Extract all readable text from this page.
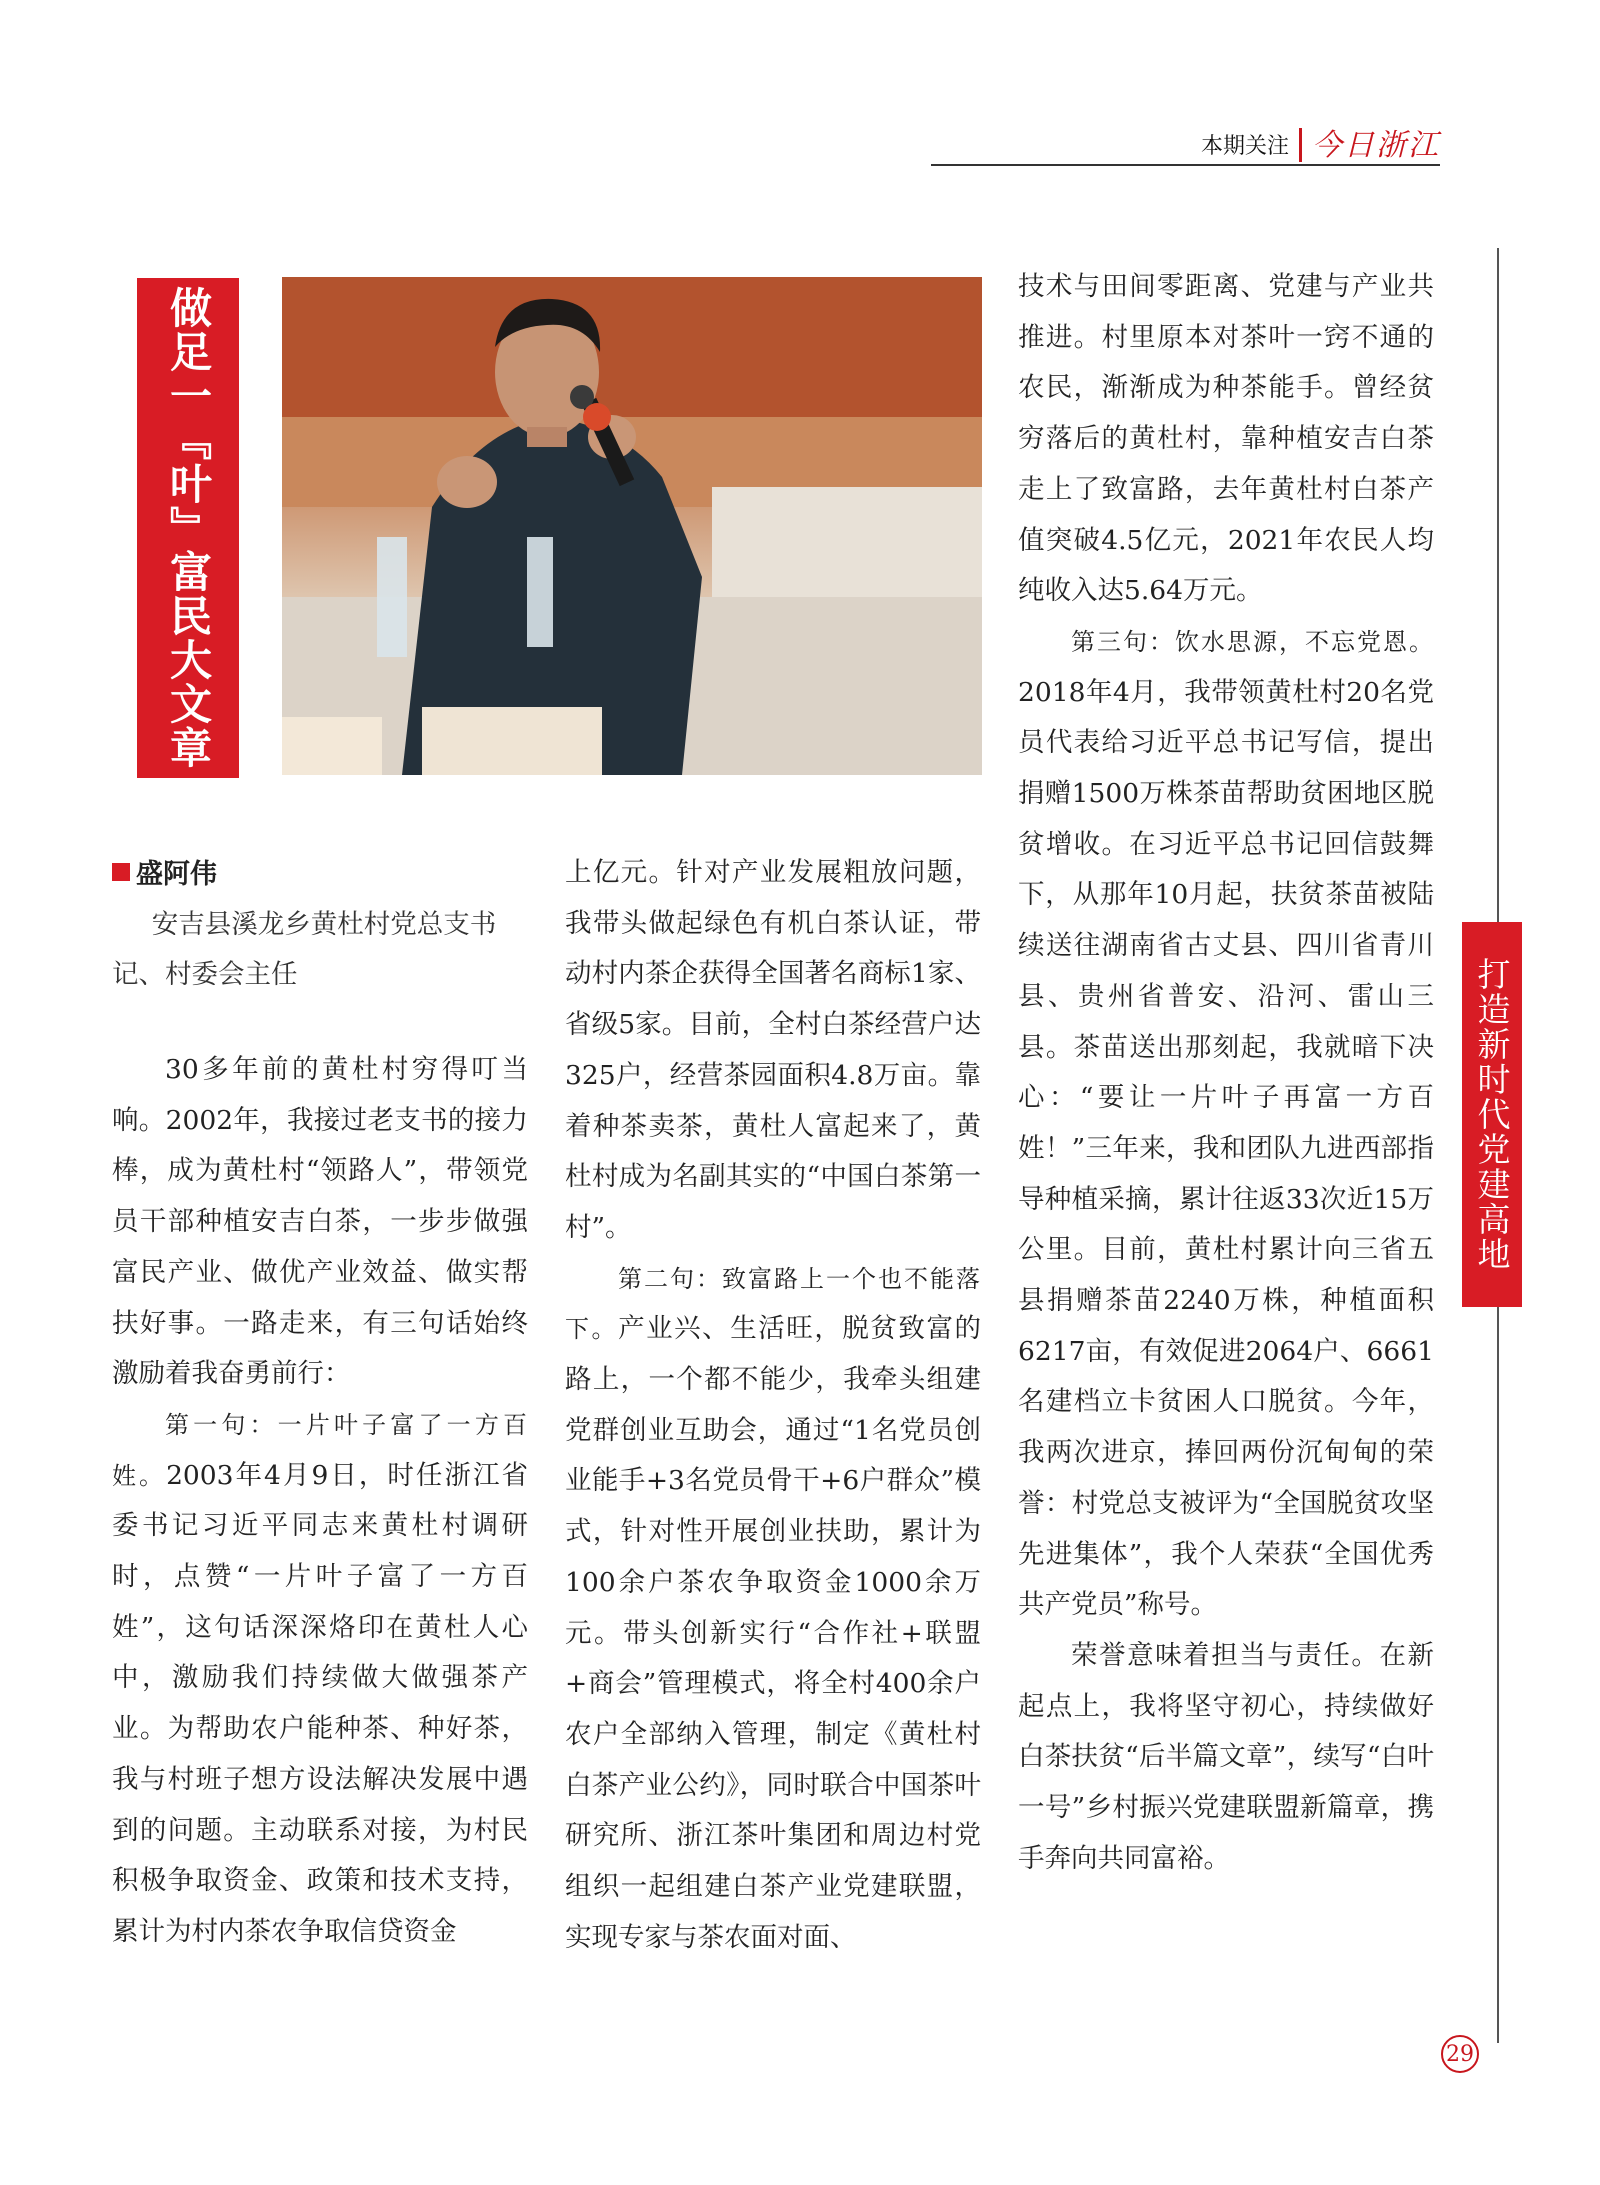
本期关注 今日浙江
做足一『叶』富民大文章
打造新时代党建高地
盛阿伟
安吉县溪龙乡黄杜村党总支书记、村委会主任

30多年前的黄杜村穷得叮当响。2002年，我接过老支书的接力棒，成为黄杜村“领路人”，带领党员干部种植安吉白茶，一步步做强富民产业、做优产业效益、做实帮扶好事。一路走来，有三句话始终激励着我奋勇前行：

第一句：一片叶子富了一方百姓。2003年4月9日，时任浙江省委书记习近平同志来黄杜村调研时，点赞“一片叶子富了一方百姓”，这句话深深烙印在黄杜人心中，激励我们持续做大做强茶产业。为帮助农户能种茶、种好茶，我与村班子想方设法解决发展中遇到的问题。主动联系对接，为村民积极争取资金、政策和技术支持，累计为村内茶农争取信贷资金

上亿元。针对产业发展粗放问题，我带头做起绿色有机白茶认证，带动村内茶企获得全国著名商标1家、省级5家。目前，全村白茶经营户达325户，经营茶园面积4.8万亩。靠着种茶卖茶，黄杜人富起来了，黄杜村成为名副其实的“中国白茶第一村”。

第二句：致富路上一个也不能落下。产业兴、生活旺，脱贫致富的路上，一个都不能少，我牵头组建党群创业互助会，通过“1名党员创业能手+3名党员骨干+6户群众”模式，针对性开展创业扶助，累计为100余户茶农争取资金1000余万元。带头创新实行“合作社+联盟+商会”管理模式，将全村400余户农户全部纳入管理，制定《黄杜村白茶产业公约》，同时联合中国茶叶研究所、浙江茶叶集团和周边村党组织一起组建白茶产业党建联盟，实现专家与茶农面对面、

技术与田间零距离、党建与产业共推进。村里原本对茶叶一窍不通的农民，渐渐成为种茶能手。曾经贫穷落后的黄杜村，靠种植安吉白茶走上了致富路，去年黄杜村白茶产值突破4.5亿元，2021年农民人均纯收入达5.64万元。

第三句：饮水思源，不忘党恩。2018年4月，我带领黄杜村20名党员代表给习近平总书记写信，提出捐赠1500万株茶苗帮助贫困地区脱贫增收。在习近平总书记回信鼓舞下，从那年10月起，扶贫茶苗被陆续送往湖南省古丈县、四川省青川县、贵州省普安、沿河、雷山三县。茶苗送出那刻起，我就暗下决心：“要让一片叶子再富一方百姓！”三年来，我和团队九进西部指导种植采摘，累计往返33次近15万公里。目前，黄杜村累计向三省五县捐赠茶苗2240万株，种植面积6217亩，有效促进2064户、6661名建档立卡贫困人口脱贫。今年，我两次进京，捧回两份沉甸甸的荣誉：村党总支被评为“全国脱贫攻坚先进集体”，我个人荣获“全国优秀共产党员”称号。

荣誉意味着担当与责任。在新起点上，我将坚守初心，持续做好白茶扶贫“后半篇文章”，续写“白叶一号”乡村振兴党建联盟新篇章，携手奔向共同富裕。

29
